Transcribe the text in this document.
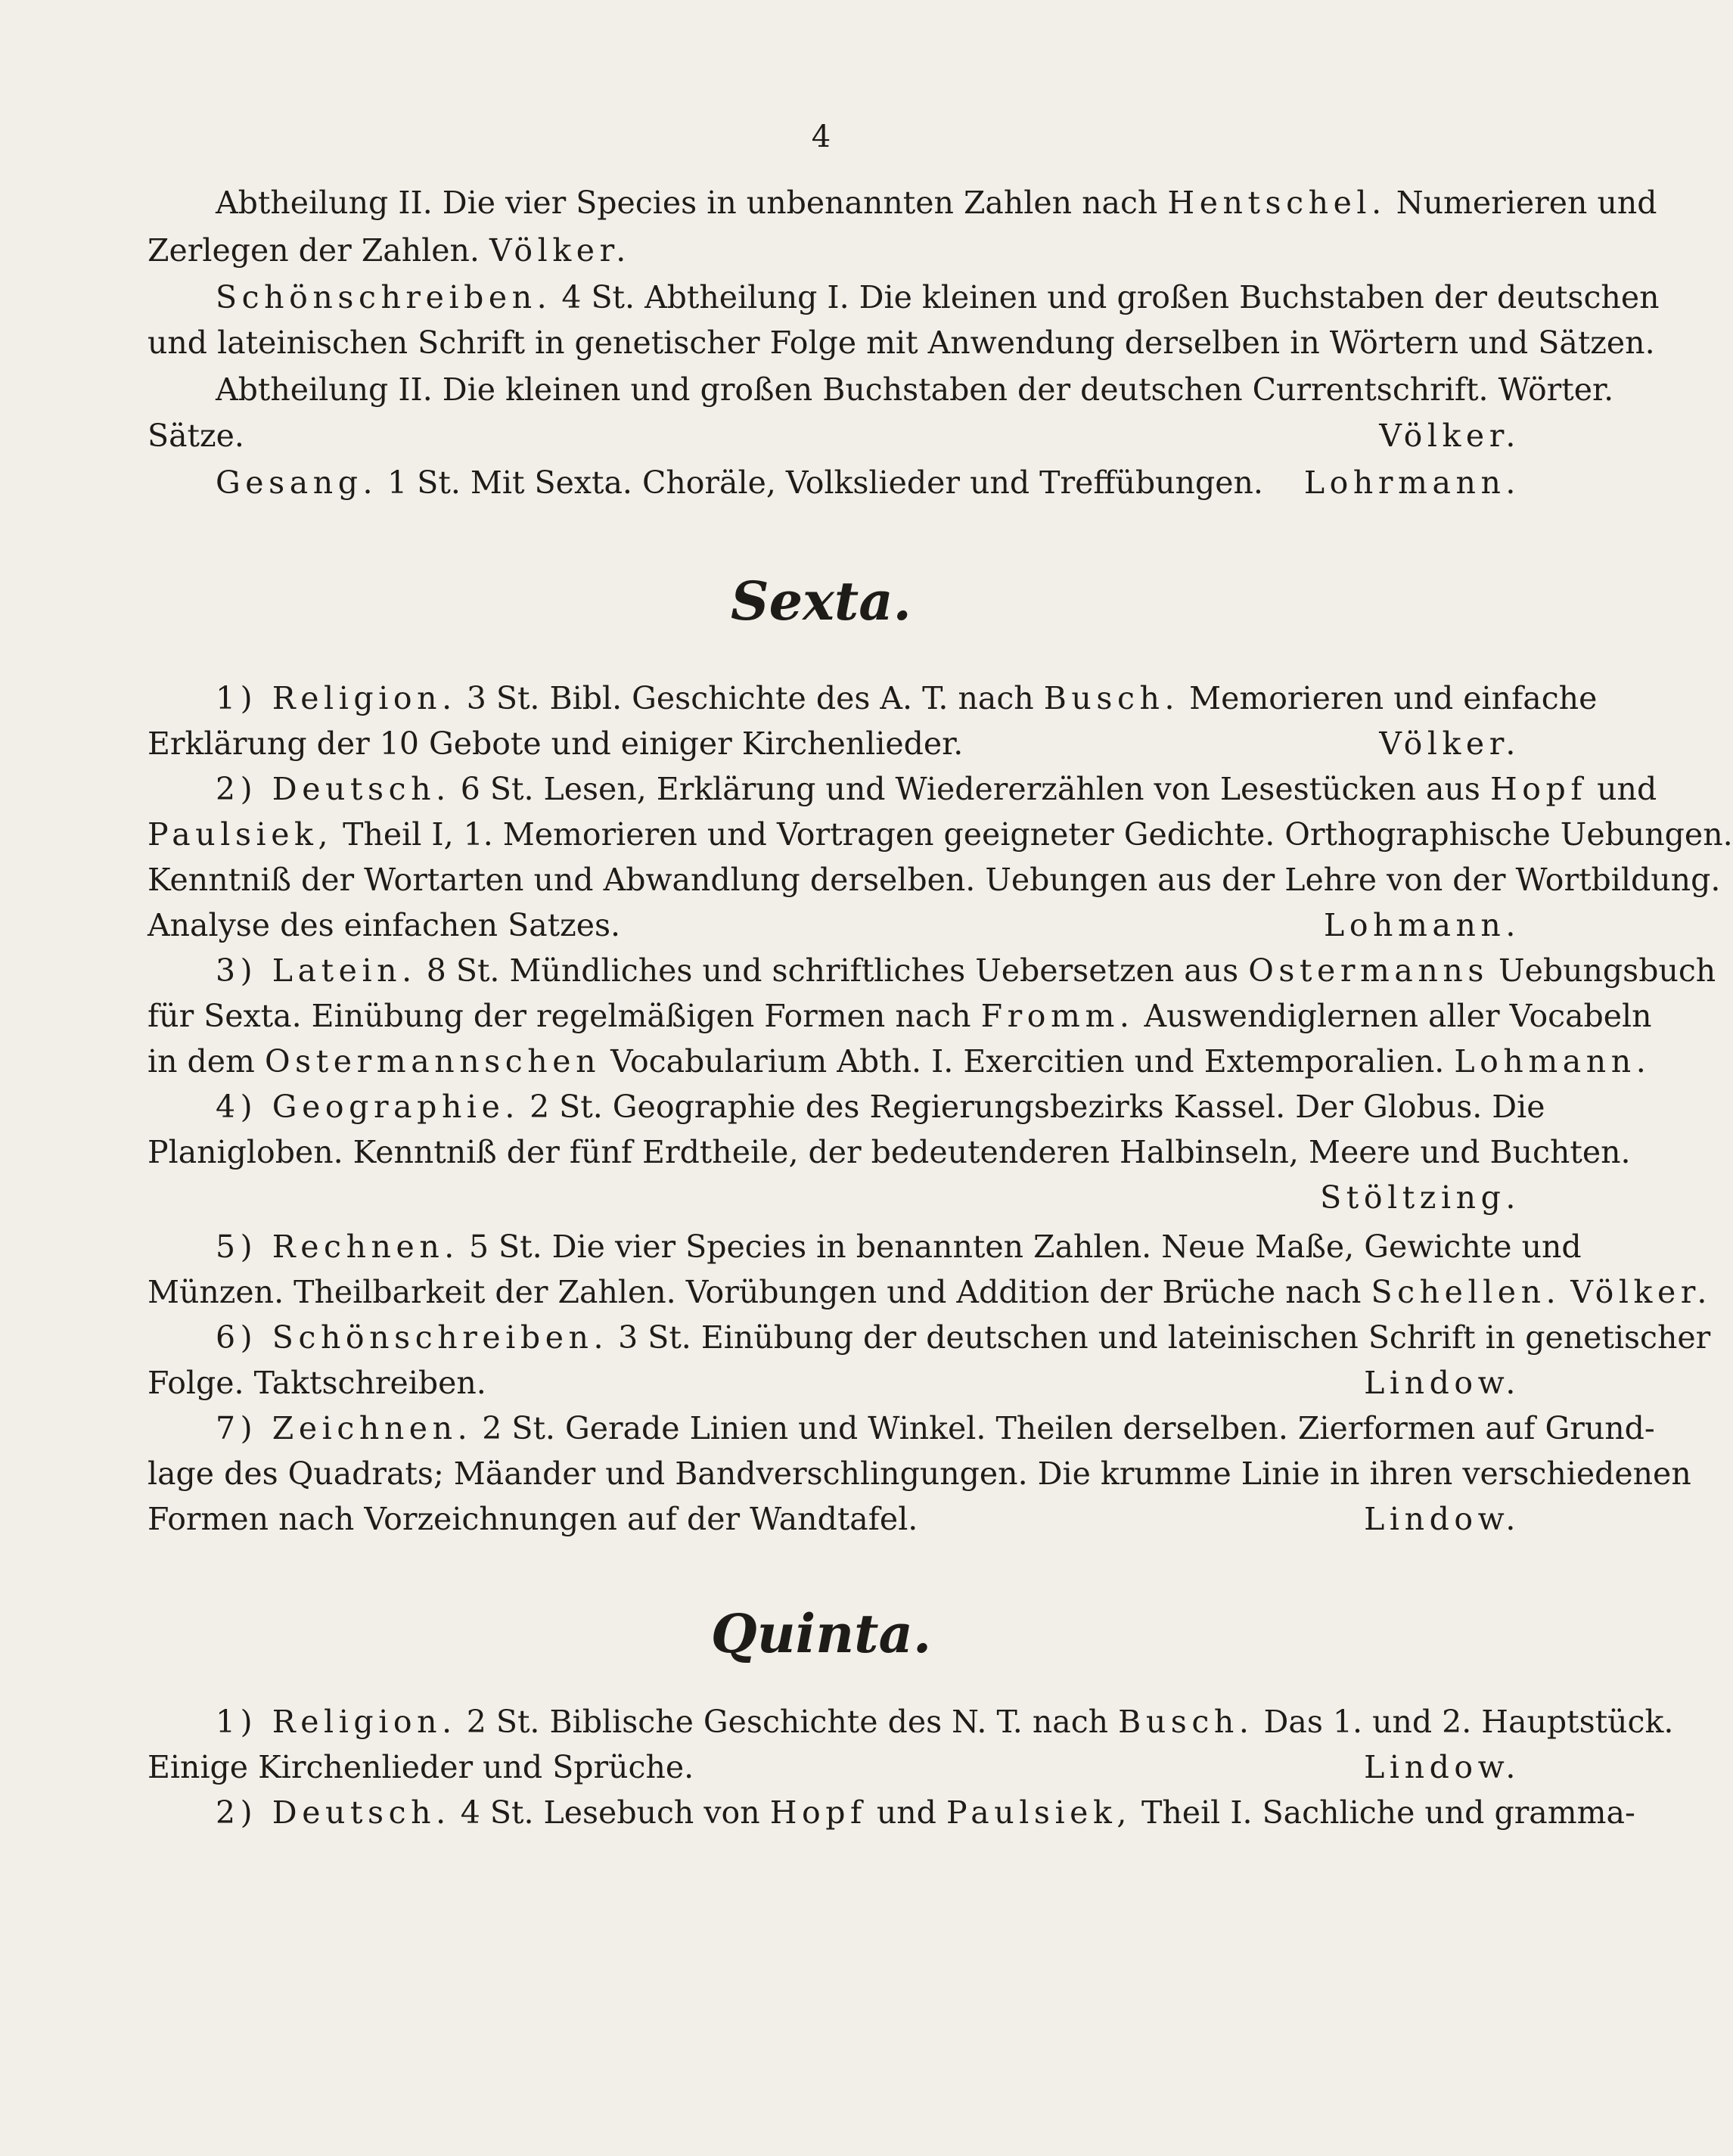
4
Abtheilung II. Die vier Species in unbenannten Zahlen nach Hentschel. Numerieren und
Zerlegen der Zahlen. Völker.
Schönschreiben. 4 St. Abtheilung I. Die kleinen und großen Buchstaben der deutschen
und lateinischen Schrift in genetischer Folge mit Anwendung derselben in Wörtern und Sätzen.
Abtheilung II. Die kleinen und großen Buchstaben der deutschen Currentschrift. Wörter.
Sätze.	Völker.
Gesang. 1 St. Mit Sexta. Choräle, Volkslieder und Treffübungen. Lohrmann.
Sexta.
1) Religion. 3 St. Bibl. Geschichte des A. T. nach Busch. Memorieren und einfache
Erklärung der 10 Gebote und einiger Kirchenlieder.	Völker.
2) Deutsch. 6 St. Lesen, Erklärung und Wiedererzählen von Lesestücken aus Hopf und
Paulsiek, Theil I, 1. Memorieren und Vortragen geeigneter Gedichte. Orthographische Uebungen.
Kenntniß der Wortarten und Abwandlung derselben. Uebungen aus der Lehre von der Wortbildung.
Analyse des einfachen Satzes.	Lohmann.
3) Latein. 8 St. Mündliches und schriftliches Uebersetzen aus Ostermanns Uebungsbuch
für Sexta. Einübung der regelmäßigen Formen nach Fromm. Auswendiglernen aller Vocabeln
in dem Ostermannschen Vocabularium Abth. I. Exercitien und Extemporalien. Lohmann.
4) Geographie. 2 St. Geographie des Regierungsbezirks Kassel. Der Globus. Die
Planigloben. Kenntniß der fünf Erdtheile, der bedeutenderen Halbinseln, Meere und Buchten.
Stöltzing.
5) Rechnen. 5 St. Die vier Species in benannten Zahlen. Neue Maße, Gewichte und
Münzen. Theilbarkeit der Zahlen. Vorübungen und Addition der Brüche nach Schellen. Völker.
6) Schönschreiben. 3 St. Einübung der deutschen und lateinischen Schrift in genetischer
Folge. Taktschreiben.	Lindow.
7) Zeichnen. 2 St. Gerade Linien und Winkel. Theilen derselben. Zierformen auf Grund-
lage des Quadrats; Mäander und Bandverschlingungen. Die krumme Linie in ihren verschiedenen
Formen nach Vorzeichnungen auf der Wandtafel.	Lindow.
Quinta.
1) Religion. 2 St. Biblische Geschichte des N. T. nach Busch. Das 1. und 2. Hauptstück.
Einige Kirchenlieder und Sprüche.	Lindow.
2) Deutsch. 4 St. Lesebuch von Hopf und Paulsiek, Theil I. Sachliche und gramma-
